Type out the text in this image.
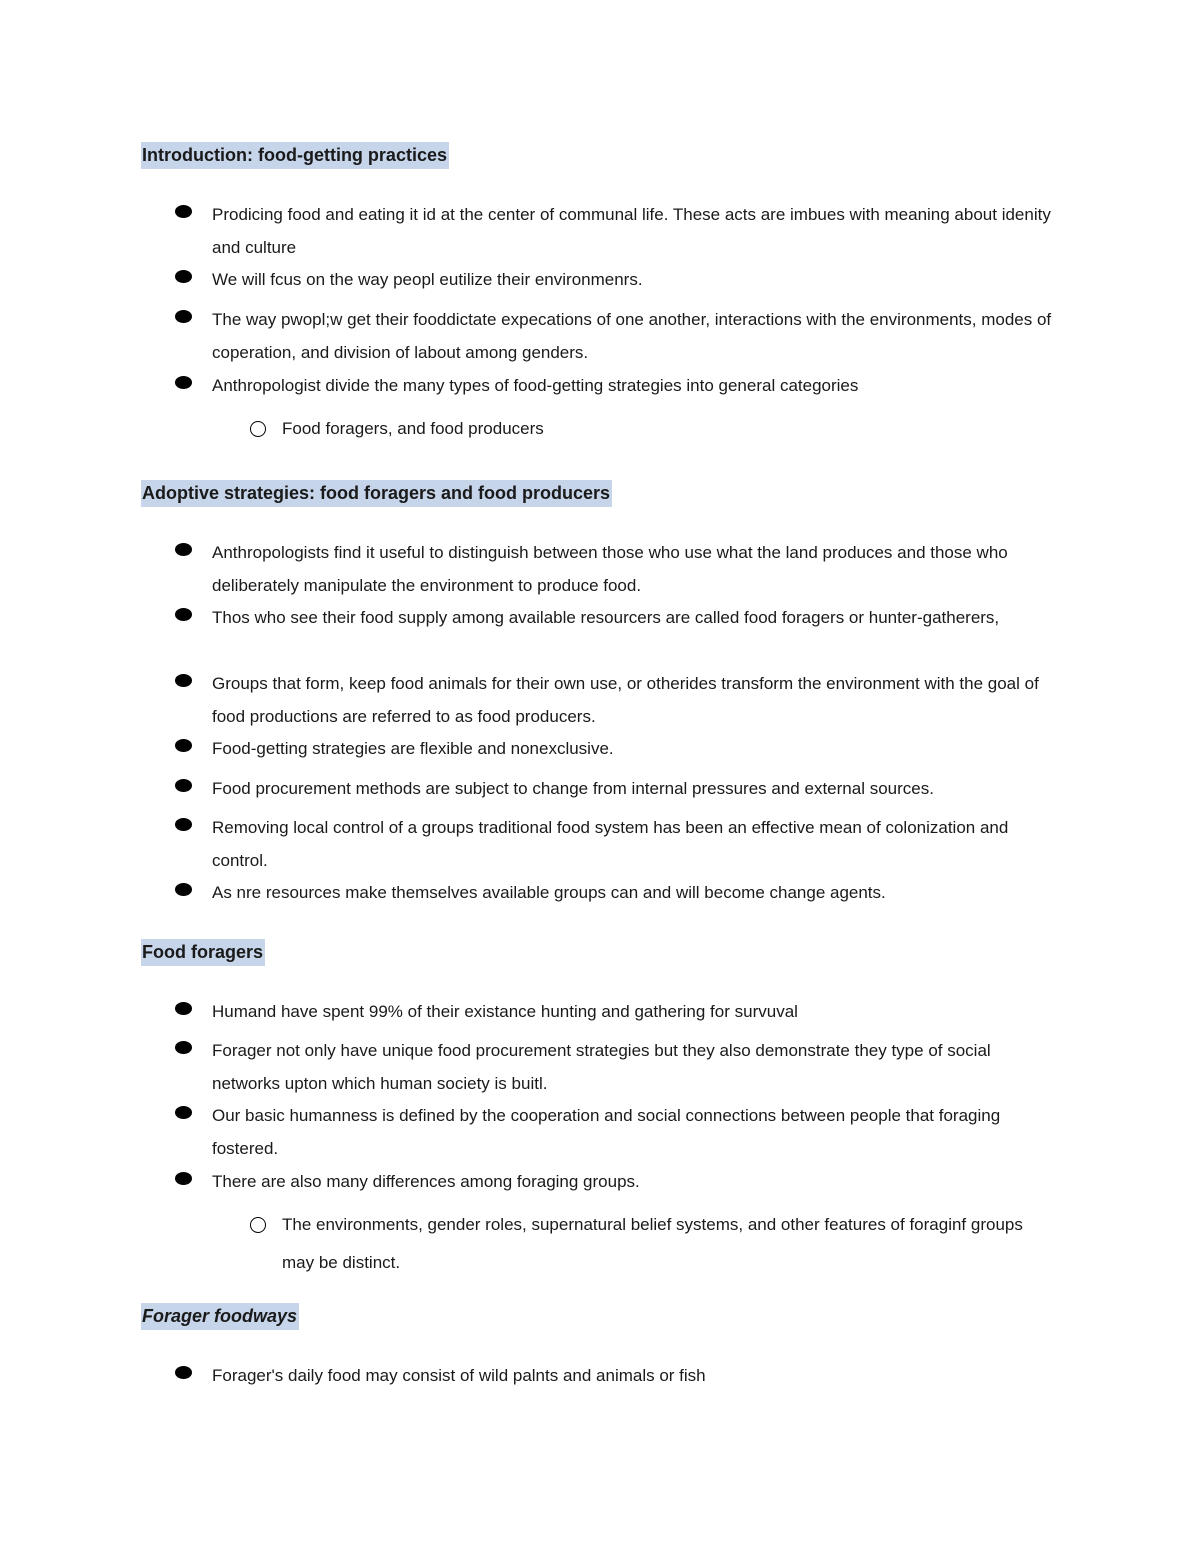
Introduction: food-getting practices
Prodicing food and eating it id at the center of communal life. These acts are imbues with meaning about idenity and culture
We will fcus on the way peopl eutilize their environmenrs.
The way pwopl;w get their fooddictate expecations of one another, interactions with the environments, modes of coperation, and division of labout among genders.
Anthropologist divide the many types of food-getting strategies into general categories
Food foragers, and food producers
Adoptive strategies: food foragers and food producers
Anthropologists find it useful to distinguish between those who use what the land produces and those who deliberately manipulate the environment to produce food.
Thos who see their food supply among available resourcers are called food foragers or hunter-gatherers,
Groups that form, keep food animals for their own use, or otherides transform the environment with the goal of food productions are referred to as food producers.
Food-getting strategies are flexible and nonexclusive.
Food procurement methods are subject to change from internal pressures and external sources.
Removing local control of a groups traditional food system has been an effective mean of colonization and control.
As nre resources make themselves available groups can and will become change agents.
Food foragers
Humand have spent 99% of their existance hunting and gathering for survuval
Forager not only have unique food procurement strategies but they also demonstrate they type of social networks upton which human society is buitl.
Our basic humanness is defined by the cooperation and social connections between people that foraging fostered.
There are also many differences among foraging groups.
The environments, gender roles, supernatural belief systems, and other features of foraginf groups may be distinct.
Forager foodways
Forager's daily food may consist of wild palnts and animals or fish
